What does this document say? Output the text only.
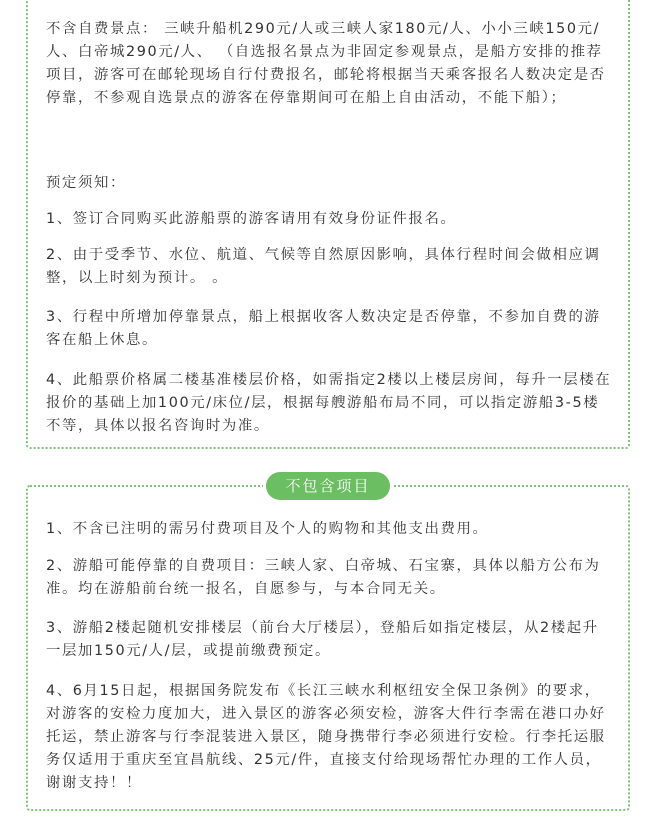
不含自费景点： 三峡升船机290元/人或三峡人家180元/人、小小三峡150元/人、白帝城290元/人、 （自选报名景点为非固定参观景点，是船方安排的推荐项目，游客可在邮轮现场自行付费报名，邮轮将根据当天乘客报名人数决定是否停靠，不参观自选景点的游客在停靠期间可在船上自由活动，不能下船）；

预定须知：

1、签订合同购买此游船票的游客请用有效身份证件报名。

2、由于受季节、水位、航道、气候等自然原因影响，具体行程时间会做相应调整，以上时刻为预计。 。

3、行程中所增加停靠景点，船上根据收客人数决定是否停靠，不参加自费的游客在船上休息。

4、此船票价格属二楼基准楼层价格，如需指定2楼以上楼层房间，每升一层楼在报价的基础上加100元/床位/层，根据每艘游船布局不同，可以指定游船3-5楼不等，具体以报名咨询时为准。

不包含项目

1、不含已注明的需另付费项目及个人的购物和其他支出费用。

2、游船可能停靠的自费项目：三峡人家、白帝城、石宝寨，具体以船方公布为准。均在游船前台统一报名，自愿参与，与本合同无关。

3、游船2楼起随机安排楼层（前台大厅楼层），登船后如指定楼层，从2楼起升一层加150元/人/层，或提前缴费预定。

4、6月15日起，根据国务院发布《长江三峡水利枢纽安全保卫条例》的要求，对游客的安检力度加大，进入景区的游客必须安检，游客大件行李需在港口办好托运，禁止游客与行李混装进入景区，随身携带行李必须进行安检。行李托运服务仅适用于重庆至宜昌航线、25元/件，直接支付给现场帮忙办理的工作人员，谢谢支持！！
